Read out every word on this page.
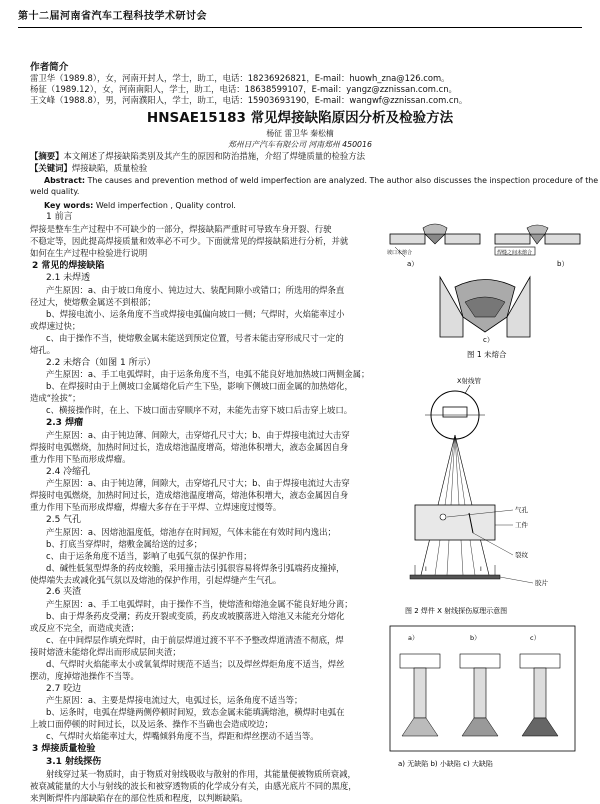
第十二届河南省汽车工程科技学术研讨会
作者简介
雷卫华（1989.8），女，河南开封人，学士，助工，电话：18236926821，E-mail：huowh_zna@126.com。
杨征（1989.12），女，河南南阳人，学士，助工，电话：18638599107，E-mail：yangz@zznissan.com.cn。
王文峰（1988.8），男，河南濮阳人，学士，助工，电话：15903693190，E-mail：wangwf@zznissan.com.cn。
HNSAE15183 常见焊接缺陷原因分析及检验方法
杨征 雷卫华 秦松楠
郑州日产汽车有限公司 河南郑州 450016
【摘要】本文阐述了焊接缺陷类别及其产生的原因和防治措施，介绍了焊缝质量的检验方法
【关键词】焊接缺陷，质量检验
Abstract: The causes and prevention method of weld imperfection are analyzed. The author also discusses the inspection procedure of the
weld quality.
Key words: Weld imperfection , Quality control.

1 前言

焊接是整车生产过程中不可缺少的一部分，焊接缺陷严重时可导致车身开裂、行驶

不稳定等，因此提高焊接质量和效率必不可少。下面就常见的焊接缺陷进行分析，并就

如何在生产过程中检验进行说明

2 常见的焊接缺陷

2.1 未焊透

产生原因：a、由于坡口角度小、钝边过大、装配间隙小或错口；所选用的焊条直

径过大，使熔敷金属送不到根部；

b、焊接电流小、运条角度不当或焊接电弧偏向坡口一侧；气焊时，火焰能率过小

或焊速过快；

c、由于操作不当，使熔敷金属未能送到预定位置，号者未能击穿形成尺寸一定的

熔孔。

2.2 未熔合（如图 1 所示）

产生原因：a、手工电弧焊时，由于运条角度不当，电弧不能良好地加热坡口两侧金属；

b、在焊接时由于上侧坡口金属熔化后产生下坠，影响下侧坡口面金属的加热熔化，

造成“捡拔”；

c、横接操作时，在上、下坡口面击穿顺序不对，未能先击穿下坡口后击穿上坡口。

2.3 焊瘤

产生原因：a、由于钝边薄、间隙大，击穿熔孔尺寸大；b、由于焊接电流过大击穿

焊接时电弧燃烧，加热时间过长，造成熔池温度增高，熔池体积增大，液态金属因自身

重力作用下坠而形成焊瘤。

2.4 冷缩孔

产生原因：a、由于钝边薄，间隙大，击穿熔孔尺寸大；b、由于焊接电流过大击穿

焊接时电弧燃烧，加热时间过长，造成熔池温度增高，熔池体积增大，液态金属因自身

重力作用下坠而形成焊瘤，焊瘤大多存在于平焊、立焊速度过慢等。

2.5 气孔

产生原因：a、因熔池温度低，熔池存在时间短，气体未能在有效时间内逸出；

b、打底当穿焊时，熔敷金属给送的过多；

c、由于运条角度不适当，影响了电弧气氛的保护作用；

d、碱性低氢型焊条的药皮较脆，采用撞击法引弧很容易将焊条引弧端药皮撞掉，

使焊端失去或减化弧气氛以及熔池的保护作用，引起焊缝产生气孔。

2.6 夹渣

产生原因：a、手工电弧焊时，由于操作不当，使熔渣和熔池金属不能良好地分离；

b、由于焊条药皮受潮；药皮开裂或变质，药皮或坡膜落进入熔池又未能充分熔化

或反应不完全，而造成夹渣；

c、在中间焊层作填充焊时，由于前层焊道过渡不平不予整改焊道清渣不彻底，焊

接时熔渣未能熔化焊出而形成层间夹渣；

d、气焊时火焰能率太小或氧氧焊时规范不适当；以及焊丝焊炬角度不适当，焊丝

摆动，度掉熔池操作不当等。

2.7 咬边

产生原因：a、主要是焊接电流过大，电弧过长，运条角度不适当等；

b、运条时，电弧在焊缝两侧停顿时间短，致态金属未能填满熔池，横焊时电弧在

上坡口面停顿的时间过长，以及运条、操作不当确也会造成咬边；

c、气焊时火焰能率过大，焊嘴倾斜角度不当，焊距和焊丝摆动不适当等。

3 焊接质量检验

3.1 射线探伤

射线穿过某一物质时，由于物质对射线吸收与散射的作用，其能量便被物质所衰减，

被衰减能量的大小与射线的波长和被穿透物质的化学成分有关，由感光底片不同的黑度，

来判断焊件内部缺陷存在的部位性质和程度，以判断缺陷。

坡口未熔合
a）
焊缝之间未熔合
b）
c）
图 1 未熔合
X射线管
气孔
工件
裂纹
胶片
I	I
图 2 焊件 X 射线探伤原理示意图
a）	b）	c）
a) 无缺陷 b) 小缺陷 c) 大缺陷
